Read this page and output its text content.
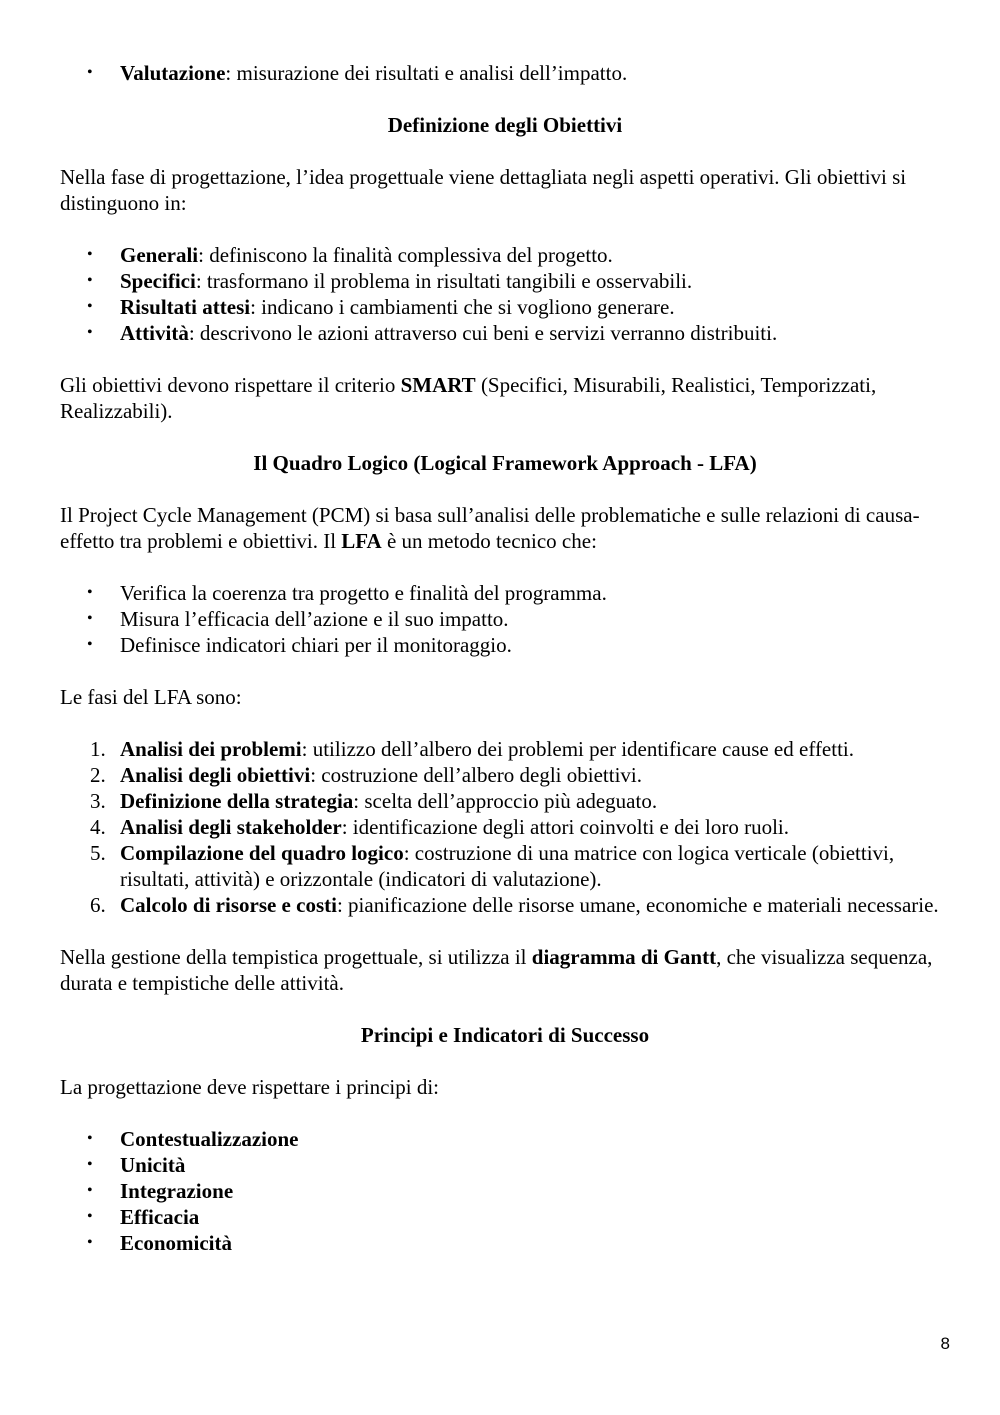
• Valutazione: misurazione dei risultati e analisi dell’impatto.

Definizione degli Obiettivi

Nella fase di progettazione, l’idea progettuale viene dettagliata negli aspetti operativi. Gli obiettivi si distinguono in:

• Generali: definiscono la finalità complessiva del progetto.
• Specifici: trasformano il problema in risultati tangibili e osservabili.
• Risultati attesi: indicano i cambiamenti che si vogliono generare.
• Attività: descrivono le azioni attraverso cui beni e servizi verranno distribuiti.

Gli obiettivi devono rispettare il criterio SMART (Specifici, Misurabili, Realistici, Temporizzati, Realizzabili).

Il Quadro Logico (Logical Framework Approach - LFA)

Il Project Cycle Management (PCM) si basa sull’analisi delle problematiche e sulle relazioni di causa-effetto tra problemi e obiettivi. Il LFA è un metodo tecnico che:

• Verifica la coerenza tra progetto e finalità del programma.
• Misura l’efficacia dell’azione e il suo impatto.
• Definisce indicatori chiari per il monitoraggio.

Le fasi del LFA sono:

1. Analisi dei problemi: utilizzo dell’albero dei problemi per identificare cause ed effetti.
2. Analisi degli obiettivi: costruzione dell’albero degli obiettivi.
3. Definizione della strategia: scelta dell’approccio più adeguato.
4. Analisi degli stakeholder: identificazione degli attori coinvolti e dei loro ruoli.
5. Compilazione del quadro logico: costruzione di una matrice con logica verticale (obiettivi, risultati, attività) e orizzontale (indicatori di valutazione).
6. Calcolo di risorse e costi: pianificazione delle risorse umane, economiche e materiali necessarie.

Nella gestione della tempistica progettuale, si utilizza il diagramma di Gantt, che visualizza sequenza, durata e tempistiche delle attività.

Principi e Indicatori di Successo

La progettazione deve rispettare i principi di:

• Contestualizzazione
• Unicità
• Integrazione
• Efficacia
• Economicità
8
